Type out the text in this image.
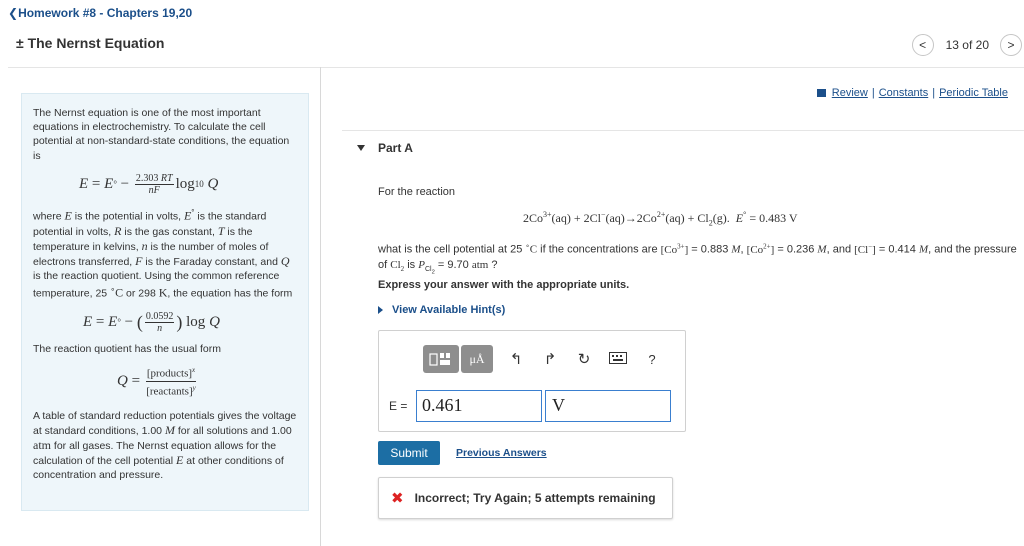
❮Homework #8 - Chapters 19,20
± The Nernst Equation	< 13 of 20 >

The Nernst equation is one of the most important equations in electrochemistry. To calculate the cell potential at non-standard-state conditions, the equation is

E
=
E °
−
$\frac{2.303 RT}{nF}$ log 10
Q

where E is the potential in volts, E° is the standard potential in volts, R is the gas constant, T is the temperature in kelvins, n is the number of moles of electrons transferred, F is the Faraday constant, and Q is the reaction quotient. Using the common reference temperature, 25 ∘C or 298 K, the equation has the form

E
=
E °
−
( $\frac{0.0592}{n}$ )
log
Q

The reaction quotient has the usual form

Q
=
$\frac{[products]^x}{[reactants]^y}$

A table of standard reduction potentials gives the voltage at standard conditions, 1.00 M for all solutions and 1.00 atm for all gases. The Nernst equation allows for the calculation of the cell potential E at other conditions of concentration and pressure.

Review | Constants | Periodic Table
Part A
For the reaction
$2Co^{3+}(aq) + 2Cl^-(aq)\to 2Co^{2+}(aq) + Cl_2(g)$.  E° = 0.483 V
what is the cell potential at 25 ∘C if the concentrations are $[Co^{3+}] = 0.883$ M, $[Co^{2+}] = 0.236$ M, and [Cl−] = 0.414 M, and the pressure of $Cl_2$ is $P_{Cl_2} = 9.70$ atm ?
Express your answer with the appropriate units.
View Available Hint(s)
μÅ ↰ ↱ ↻	?
E = 0.461	V
Submit	Previous Answers
✖ Incorrect; Try Again; 5 attempts remaining
